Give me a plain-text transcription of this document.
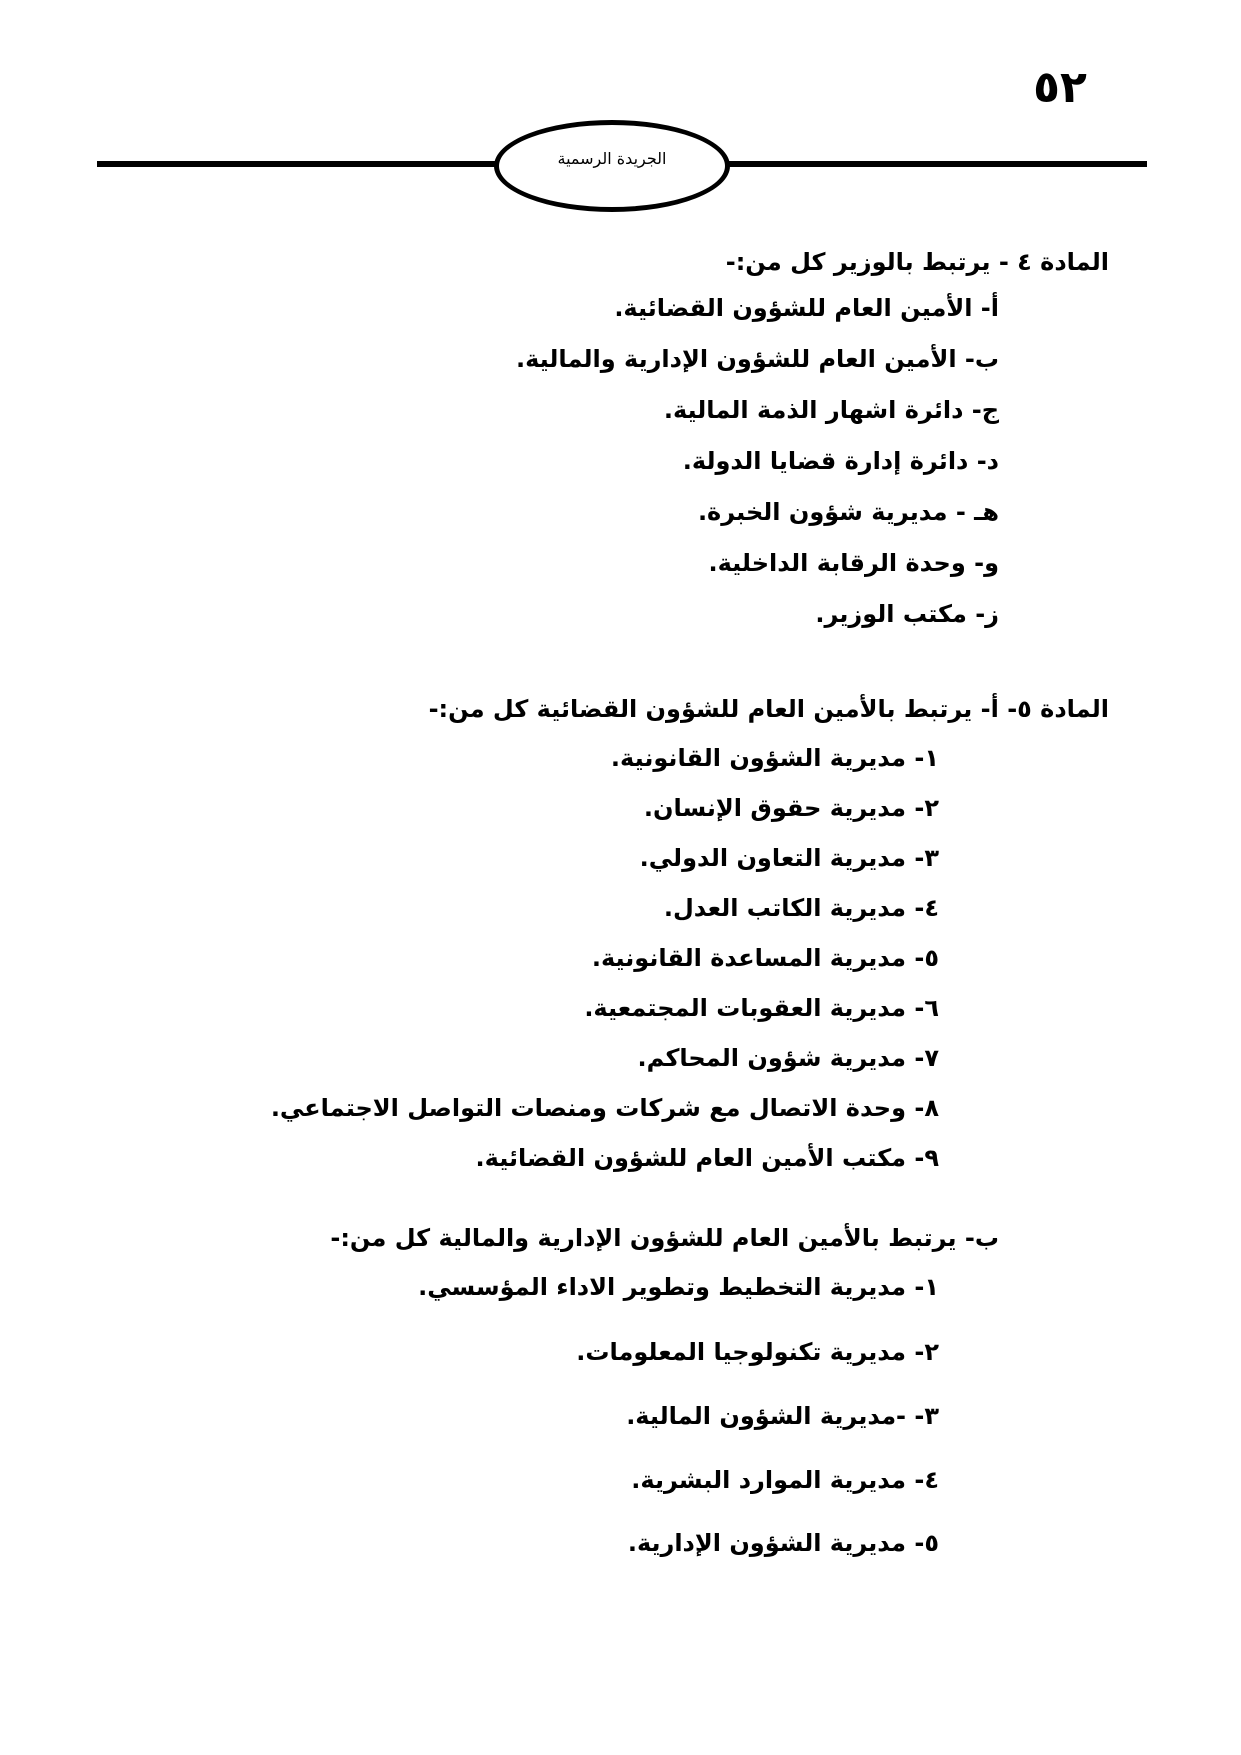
٥٢
الجريدة الرسمية
المادة ٤ - يرتبط بالوزير كل من:-
أ- الأمين العام للشؤون القضائية.
ب- الأمين العام للشؤون الإدارية والمالية.
ج- دائرة اشهار الذمة المالية.
د- دائرة إدارة قضايا الدولة.
هـ - مديرية شؤون الخبرة.
و- وحدة الرقابة الداخلية.
ز- مكتب الوزير.
المادة ٥- أ- يرتبط بالأمين العام للشؤون القضائية كل من:-
١- مديرية الشؤون القانونية.
٢- مديرية حقوق الإنسان.
٣- مديرية التعاون الدولي.
٤- مديرية الكاتب العدل.
٥- مديرية المساعدة القانونية.
٦- مديرية العقوبات المجتمعية.
٧- مديرية شؤون المحاكم.
٨- وحدة الاتصال مع شركات ومنصات التواصل الاجتماعي.
٩- مكتب الأمين العام للشؤون القضائية.
ب- يرتبط بالأمين العام للشؤون الإدارية والمالية كل من:-
١- مديرية التخطيط وتطوير الاداء المؤسسي.
٢- مديرية تكنولوجيا المعلومات.
٣- -مديرية الشؤون المالية.
٤- مديرية الموارد البشرية.
٥- مديرية الشؤون الإدارية.
